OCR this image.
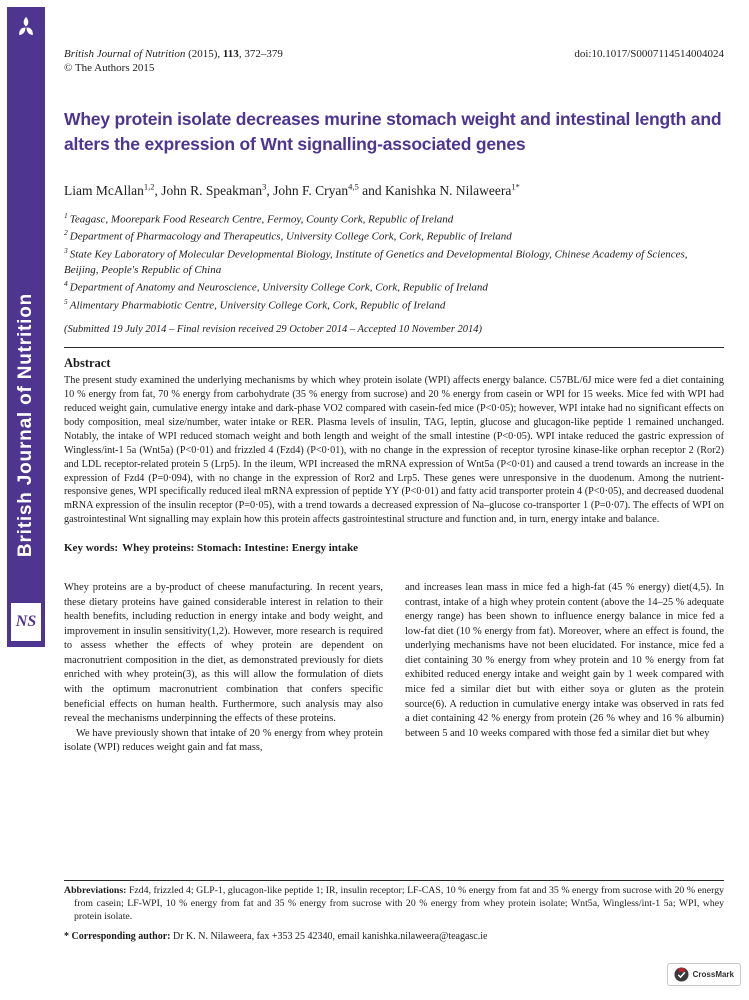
British Journal of Nutrition
NS
British Journal of Nutrition (2015), 113, 372–379	doi:10.1017/S0007114514004024
© The Authors 2015
Whey protein isolate decreases murine stomach weight and intestinal length and alters the expression of Wnt signalling-associated genes
Liam McAllan$^{1,2}$, John R. Speakman$^3$, John F. Cryan$^{4,5}$ and Kanishka N. Nilaweera$^{1*}$
$^1$ Teagasc, Moorepark Food Research Centre, Fermoy, County Cork, Republic of Ireland
$^2$ Department of Pharmacology and Therapeutics, University College Cork, Cork, Republic of Ireland
$^3$ State Key Laboratory of Molecular Developmental Biology, Institute of Genetics and Developmental Biology, Chinese Academy of Sciences, Beijing, People's Republic of China
$^4$ Department of Anatomy and Neuroscience, University College Cork, Cork, Republic of Ireland
$^5$ Alimentary Pharmabiotic Centre, University College Cork, Cork, Republic of Ireland
(Submitted 19 July 2014 – Final revision received 29 October 2014 – Accepted 10 November 2014)
Abstract

The present study examined the underlying mechanisms by which whey protein isolate (WPI) affects energy balance. C57BL/6J mice were fed a diet containing 10 % energy from fat, 70 % energy from carbohydrate (35 % energy from sucrose) and 20 % energy from casein or WPI for 15 weeks. Mice fed with WPI had reduced weight gain, cumulative energy intake and dark-phase VO2 compared with casein-fed mice (P<0·05); however, WPI intake had no significant effects on body composition, meal size/number, water intake or RER. Plasma levels of insulin, TAG, leptin, glucose and glucagon-like peptide 1 remained unchanged. Notably, the intake of WPI reduced stomach weight and both length and weight of the small intestine (P<0·05). WPI intake reduced the gastric expression of Wingless/int-1 5a (Wnt5a) (P<0·01) and frizzled 4 (Fzd4) (P<0·01), with no change in the expression of receptor tyrosine kinase-like orphan receptor 2 (Ror2) and LDL receptor-related protein 5 (Lrp5). In the ileum, WPI increased the mRNA expression of Wnt5a (P<0·01) and caused a trend towards an increase in the expression of Fzd4 (P=0·094), with no change in the expression of Ror2 and Lrp5. These genes were unresponsive in the duodenum. Among the nutrient-responsive genes, WPI specifically reduced ileal mRNA expression of peptide YY (P<0·01) and fatty acid transporter protein 4 (P<0·05), and decreased duodenal mRNA expression of the insulin receptor (P=0·05), with a trend towards a decreased expression of Na–glucose co-transporter 1 (P=0·07). The effects of WPI on gastrointestinal Wnt signalling may explain how this protein affects gastrointestinal structure and function and, in turn, energy intake and balance.

Key words: Whey proteins: Stomach: Intestine: Energy intake

Whey proteins are a by-product of cheese manufacturing. In recent years, these dietary proteins have gained considerable interest in relation to their health benefits, including reduction in energy intake and body weight, and improvement in insulin sensitivity(1,2). However, more research is required to assess whether the effects of whey protein are dependent on macronutrient composition in the diet, as demonstrated previously for diets enriched with whey protein(3), as this will allow the formulation of diets with the optimum macronutrient combination that confers specific beneficial effects on human health. Furthermore, such analysis may also reveal the mechanisms underpinning the effects of these proteins.

We have previously shown that intake of 20 % energy from whey protein isolate (WPI) reduces weight gain and fat mass,

and increases lean mass in mice fed a high-fat (45 % energy) diet(4,5). In contrast, intake of a high whey protein content (above the 14–25 % adequate energy range) has been shown to influence energy balance in mice fed a low-fat diet (10 % energy from fat). Moreover, where an effect is found, the underlying mechanisms have not been elucidated. For instance, mice fed a diet containing 30 % energy from whey protein and 10 % energy from fat exhibited reduced energy intake and weight gain by 1 week compared with mice fed a similar diet but with either soya or gluten as the protein source(6). A reduction in cumulative energy intake was observed in rats fed a diet containing 42 % energy from protein (26 % whey and 16 % albumin) between 5 and 10 weeks compared with those fed a similar diet but whey

Abbreviations: Fzd4, frizzled 4; GLP-1, glucagon-like peptide 1; IR, insulin receptor; LF-CAS, 10 % energy from fat and 35 % energy from sucrose with 20 % energy from casein; LF-WPI, 10 % energy from fat and 35 % energy from sucrose with 20 % energy from whey protein isolate; Wnt5a, Wingless/int-1 5a; WPI, whey protein isolate.

* Corresponding author: Dr K. N. Nilaweera, fax +353 25 42340, email kanishka.nilaweera@teagasc.ie

CrossMark
